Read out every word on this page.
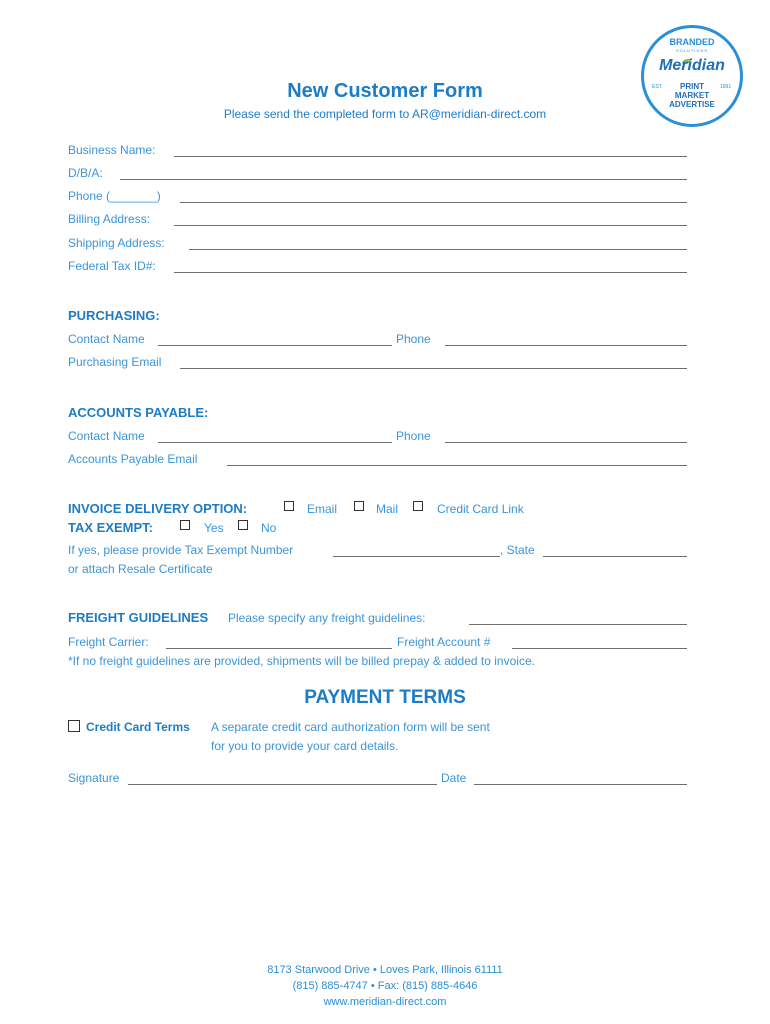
BRANDED
SOLUTIONS
Meridian
EST.	1991
PRINT
MARKET
ADVERTISE
New Customer Form
Please send the completed form to AR@meridian-direct.com
Business Name:
D/B/A:
Phone (_______)
Billing Address:
Shipping Address:
Federal Tax ID#:
PURCHASING:
Contact Name	Phone
Purchasing Email
ACCOUNTS PAYABLE:
Contact Name	Phone
Accounts Payable Email
INVOICE DELIVERY OPTION:	Email	Mail	Credit Card Link
TAX EXEMPT:	Yes	No
If yes, please provide Tax Exempt Number	, State
or attach Resale Certificate
FREIGHT GUIDELINES Please specify any freight guidelines:
Freight Carrier:	Freight Account #
*If no freight guidelines are provided, shipments will be billed prepay & added to invoice.
PAYMENT TERMS
Credit Card Terms A separate credit card authorization form will be sent
for you to provide your card details.
Signature	Date
8173 Starwood Drive • Loves Park, Illinois 61111
(815) 885-4747 • Fax: (815) 885-4646
www.meridian-direct.com
